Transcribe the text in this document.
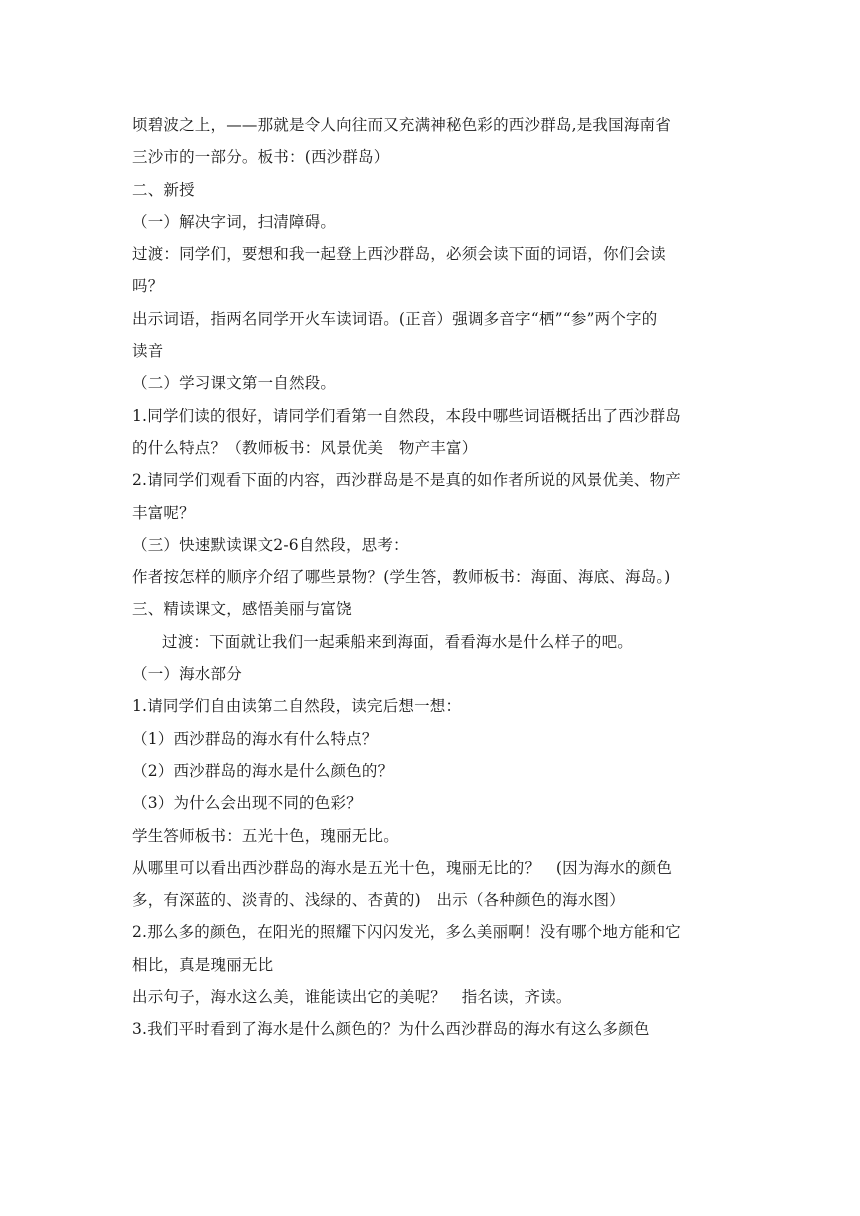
顷碧波之上，——那就是令人向往而又充满神秘色彩的西沙群岛,是我国海南省
三沙市的一部分。板书：(西沙群岛）
二、新授
（一）解决字词，扫清障碍。
过渡：同学们，要想和我一起登上西沙群岛，必须会读下面的词语，你们会读
吗？
出示词语，指两名同学开火车读词语。(正音）强调多音字“栖”“参”两个字的
读音
（二）学习课文第一自然段。
1.同学们读的很好，请同学们看第一自然段，本段中哪些词语概括出了西沙群岛
的什么特点？（教师板书：风景优美　物产丰富）
2.请同学们观看下面的内容，西沙群岛是不是真的如作者所说的风景优美、物产
丰富呢？
（三）快速默读课文2-6自然段，思考：
作者按怎样的顺序介绍了哪些景物？(学生答，教师板书：海面、海底、海岛。)
三、精读课文，感悟美丽与富饶
过渡：下面就让我们一起乘船来到海面，看看海水是什么样子的吧。
（一）海水部分
1.请同学们自由读第二自然段，读完后想一想：
（1）西沙群岛的海水有什么特点？
（2）西沙群岛的海水是什么颜色的？
（3）为什么会出现不同的色彩？
学生答师板书：五光十色，瑰丽无比。
从哪里可以看出西沙群岛的海水是五光十色，瑰丽无比的？　(因为海水的颜色
多，有深蓝的、淡青的、浅绿的、杏黄的)　出示（各种颜色的海水图）
2.那么多的颜色，在阳光的照耀下闪闪发光，多么美丽啊！没有哪个地方能和它
相比，真是瑰丽无比
出示句子，海水这么美，谁能读出它的美呢？　指名读，齐读。
3.我们平时看到了海水是什么颜色的？为什么西沙群岛的海水有这么多颜色
